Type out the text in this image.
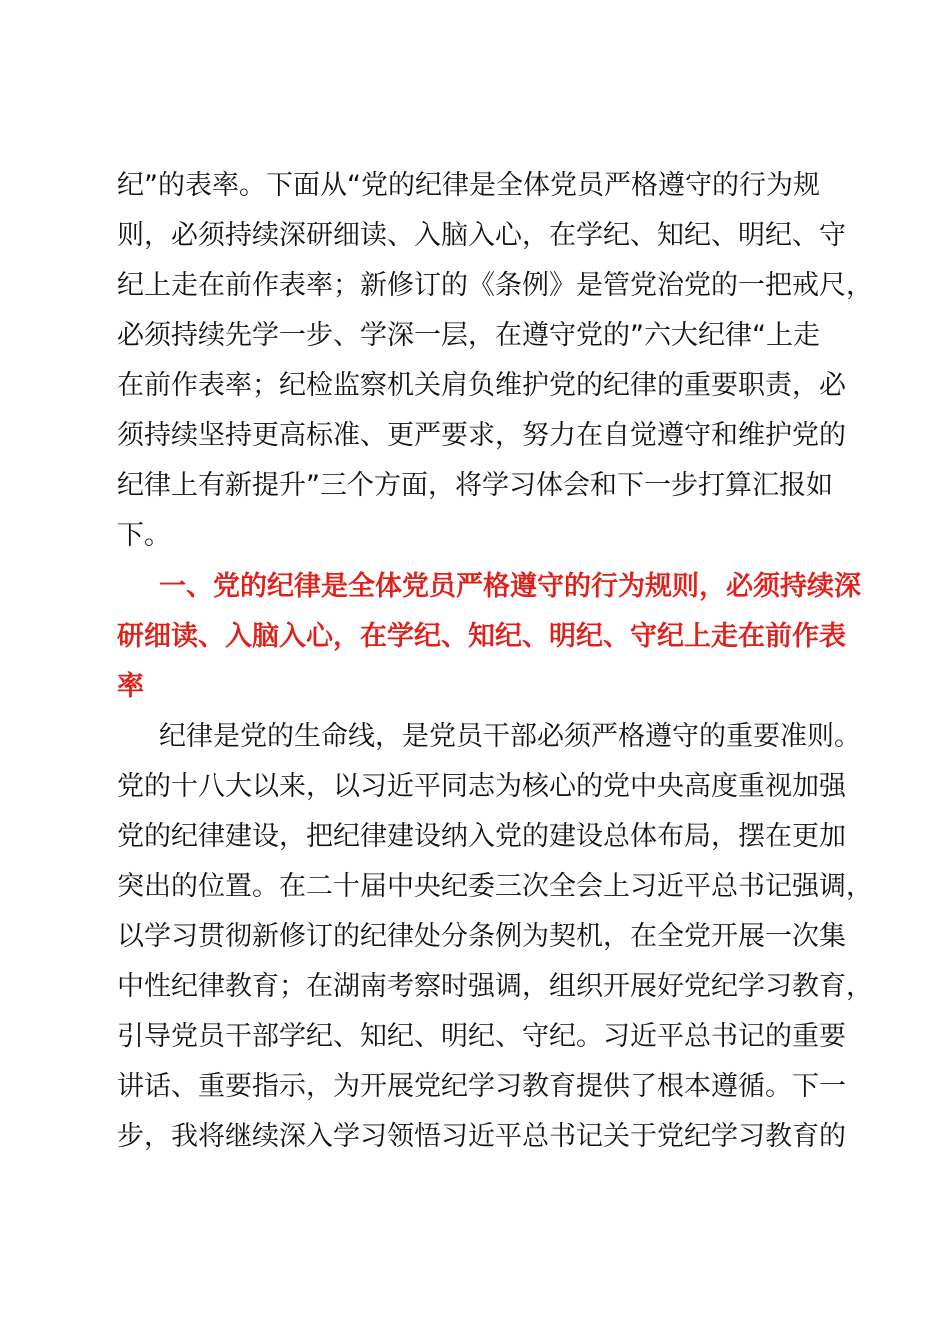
纪”的表率。下面从“党的纪律是全体党员严格遵守的行为规
则，必须持续深研细读、入脑入心，在学纪、知纪、明纪、守
纪上走在前作表率；新修订的《条例》是管党治党的一把戒尺，
必须持续先学一步、学深一层，在遵守党的”六大纪律“上走
在前作表率；纪检监察机关肩负维护党的纪律的重要职责，必
须持续坚持更高标准、更严要求，努力在自觉遵守和维护党的
纪律上有新提升”三个方面，将学习体会和下一步打算汇报如
下。
一、党的纪律是全体党员严格遵守的行为规则，必须持续深
研细读、入脑入心，在学纪、知纪、明纪、守纪上走在前作表
率
纪律是党的生命线，是党员干部必须严格遵守的重要准则。
党的十八大以来，以习近平同志为核心的党中央高度重视加强
党的纪律建设，把纪律建设纳入党的建设总体布局，摆在更加
突出的位置。在二十届中央纪委三次全会上习近平总书记强调，
以学习贯彻新修订的纪律处分条例为契机，在全党开展一次集
中性纪律教育；在湖南考察时强调，组织开展好党纪学习教育，
引导党员干部学纪、知纪、明纪、守纪。习近平总书记的重要
讲话、重要指示，为开展党纪学习教育提供了根本遵循。下一
步，我将继续深入学习领悟习近平总书记关于党纪学习教育的
